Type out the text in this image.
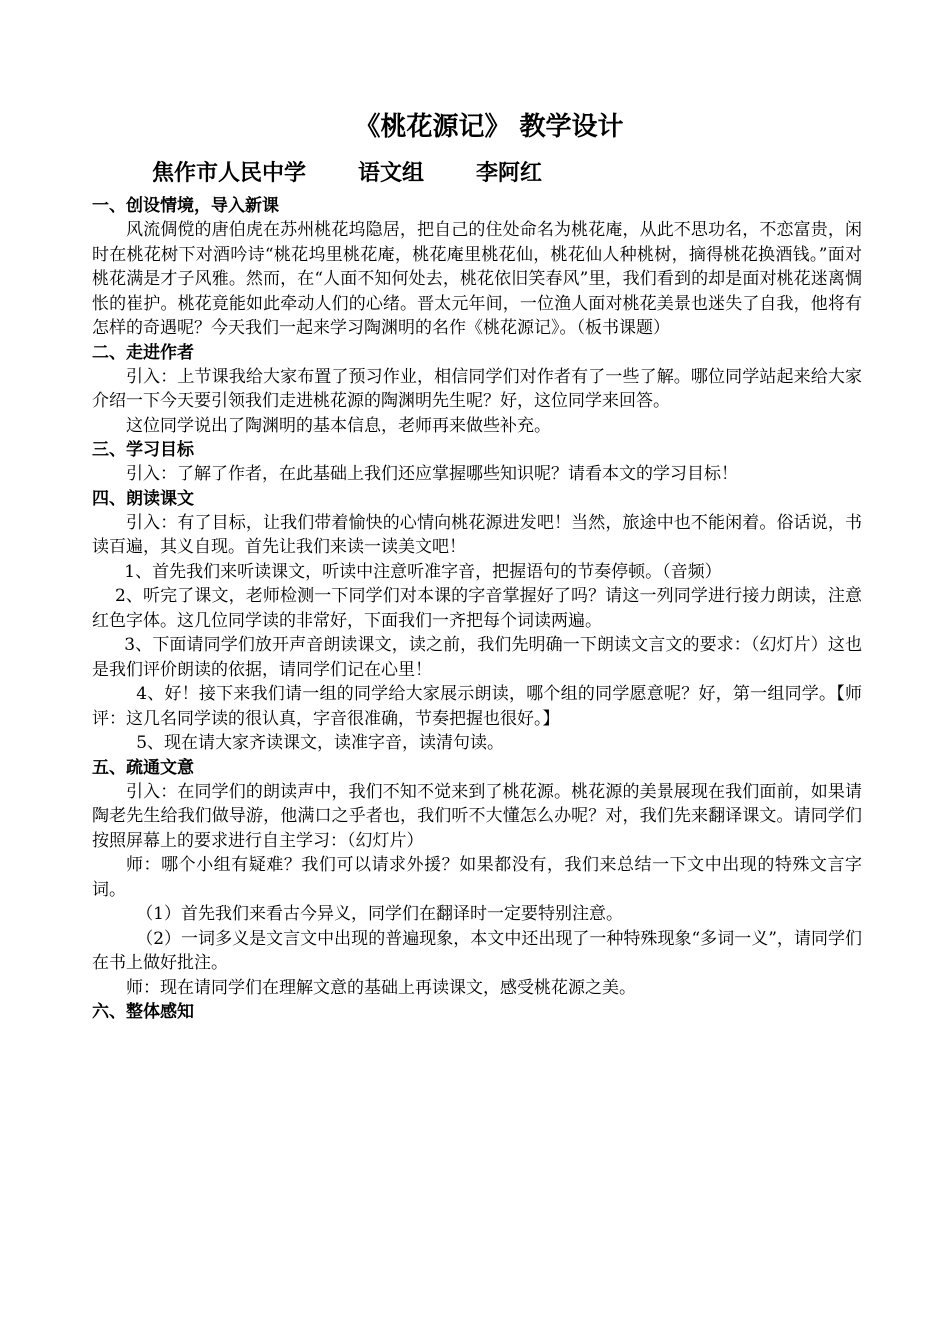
《桃花源记》 教学设计
焦作市人民中学 语文组 李阿红
一、创设情境，导入新课

风流倜傥的唐伯虎在苏州桃花坞隐居，把自己的住处命名为桃花庵，从此不思功名，不恋富贵，闲时在桃花树下对酒吟诗“桃花坞里桃花庵，桃花庵里桃花仙，桃花仙人种桃树，摘得桃花换酒钱。”面对桃花满是才子风雅。然而，在“人面不知何处去，桃花依旧笑春风”里，我们看到的却是面对桃花迷离惆怅的崔护。桃花竟能如此牵动人们的心绪。晋太元年间，一位渔人面对桃花美景也迷失了自我，他将有怎样的奇遇呢？今天我们一起来学习陶渊明的名作《桃花源记》。（板书课题）

二、走进作者

引入：上节课我给大家布置了预习作业，相信同学们对作者有了一些了解。哪位同学站起来给大家介绍一下今天要引领我们走进桃花源的陶渊明先生呢？好，这位同学来回答。

这位同学说出了陶渊明的基本信息，老师再来做些补充。

三、学习目标

引入：了解了作者，在此基础上我们还应掌握哪些知识呢？请看本文的学习目标！

四、朗读课文

引入：有了目标，让我们带着愉快的心情向桃花源进发吧！当然，旅途中也不能闲着。俗话说，书读百遍，其义自现。首先让我们来读一读美文吧！

1、首先我们来听读课文，听读中注意听准字音，把握语句的节奏停顿。（音频）

2、听完了课文，老师检测一下同学们对本课的字音掌握好了吗？请这一列同学进行接力朗读，注意红色字体。这几位同学读的非常好，下面我们一齐把每个词读两遍。

3、下面请同学们放开声音朗读课文，读之前，我们先明确一下朗读文言文的要求：（幻灯片）这也是我们评价朗读的依据，请同学们记在心里！

4、好！接下来我们请一组的同学给大家展示朗读，哪个组的同学愿意呢？好，第一组同学。【师评：这几名同学读的很认真，字音很准确，节奏把握也很好。】

5、现在请大家齐读课文，读准字音，读清句读。

五、疏通文意

引入：在同学们的朗读声中，我们不知不觉来到了桃花源。桃花源的美景展现在我们面前，如果请陶老先生给我们做导游，他满口之乎者也，我们听不大懂怎么办呢？对，我们先来翻译课文。请同学们按照屏幕上的要求进行自主学习：（幻灯片）

师：哪个小组有疑难？我们可以请求外援？如果都没有，我们来总结一下文中出现的特殊文言字词。

（1）首先我们来看古今异义，同学们在翻译时一定要特别注意。

（2）一词多义是文言文中出现的普遍现象，本文中还出现了一种特殊现象“多词一义”，请同学们在书上做好批注。

师：现在请同学们在理解文意的基础上再读课文，感受桃花源之美。

六、整体感知
